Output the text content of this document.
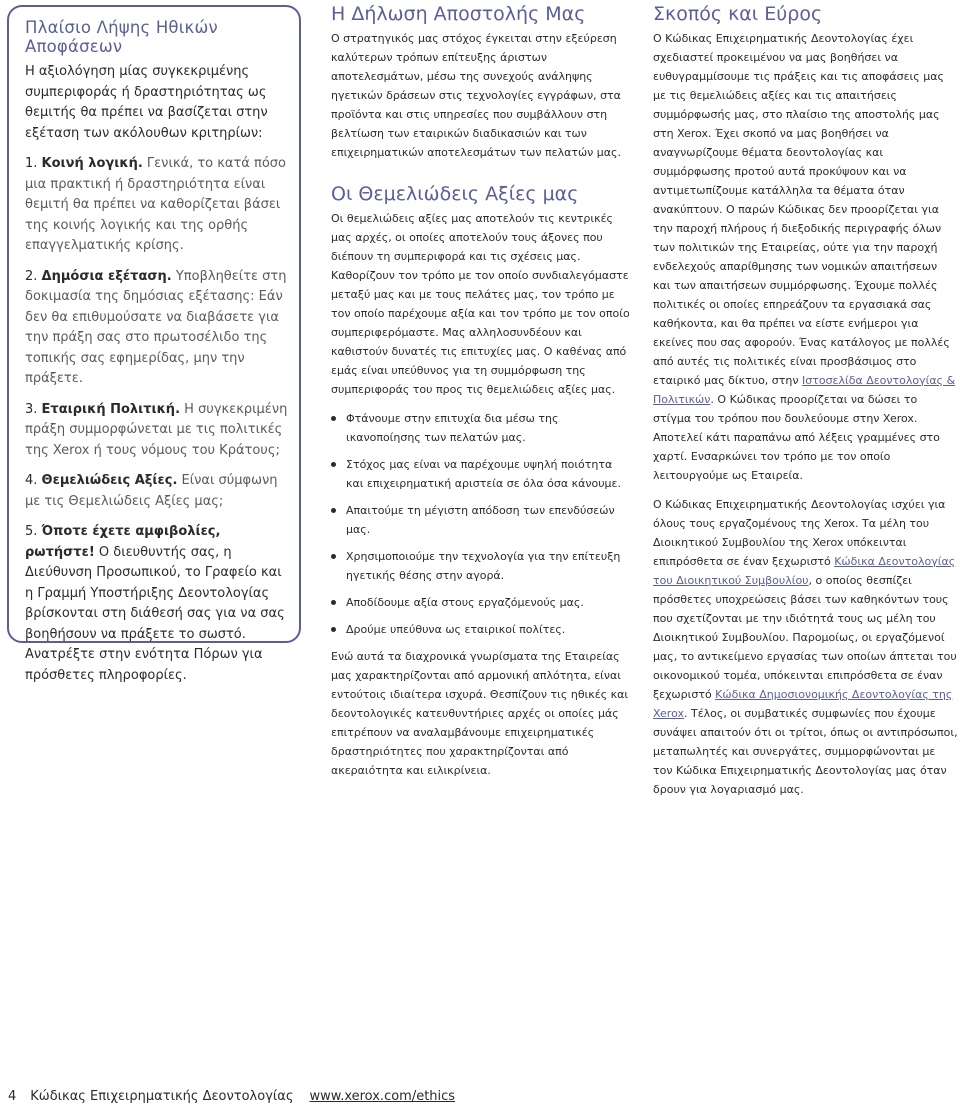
Πλαίσιο Λήψης Ηθικών Αποφάσεων

Η αξιολόγηση μίας συγκεκριμένης συμπεριφοράς ή δραστηριότητας ως θεμιτής θα πρέπει να βασίζεται στην εξέταση των ακόλουθων κριτηρίων:

1. Κοινή λογική. Γενικά, το κατά πόσο μια πρακτική ή δραστηριότητα είναι θεμιτή θα πρέπει να καθορίζεται βάσει της κοινής λογικής και της ορθής επαγγελματικής κρίσης.

2. Δημόσια εξέταση. Υποβληθείτε στη δοκιμασία της δημόσιας εξέτασης: Εάν δεν θα επιθυμούσατε να διαβάσετε για την πράξη σας στο πρωτοσέλιδο της τοπικής σας εφημερίδας, μην την πράξετε.

3. Εταιρική Πολιτική. Η συγκεκριμένη πράξη συμμορφώνεται με τις πολιτικές της Xerox ή τους νόμους του Κράτους;

4. Θεμελιώδεις Αξίες. Είναι σύμφωνη με τις Θεμελιώδεις Αξίες μας;

5. Όποτε έχετε αμφιβολίες, ρωτήστε! Ο διευθυντής σας, η Διεύθυνση Προσωπικού, το Γραφείο και η Γραμμή Υποστήριξης Δεοντολογίας βρίσκονται στη διάθεσή σας για να σας βοηθήσουν να πράξετε το σωστό. Ανατρέξτε στην ενότητα Πόρων για πρόσθετες πληροφορίες.

Η Δήλωση Αποστολής Μας

Ο στρατηγικός μας στόχος έγκειται στην εξεύρεση καλύτερων τρόπων επίτευξης άριστων αποτελεσμάτων, μέσω της συνεχούς ανάληψης ηγετικών δράσεων στις τεχνολογίες εγγράφων, στα προϊόντα και στις υπηρεσίες που συμβάλλουν στη βελτίωση των εταιρικών διαδικασιών και των επιχειρηματικών αποτελεσμάτων των πελατών μας.

Οι Θεμελιώδεις Αξίες μας

Οι θεμελιώδεις αξίες μας αποτελούν τις κεντρικές μας αρχές, οι οποίες αποτελούν τους άξονες που διέπουν τη συμπεριφορά και τις σχέσεις μας. Καθορίζουν τον τρόπο με τον οποίο συνδιαλεγόμαστε μεταξύ μας και με τους πελάτες μας, τον τρόπο με τον οποίο παρέχουμε αξία και τον τρόπο με τον οποίο συμπεριφερόμαστε. Μας αλληλοσυνδέουν και καθιστούν δυνατές τις επιτυχίες μας. Ο καθένας από εμάς είναι υπεύθυνος για τη συμμόρφωση της συμπεριφοράς του προς τις θεμελιώδεις αξίες μας.

Φτάνουμε στην επιτυχία δια μέσω της ικανοποίησης των πελατών μας.
Στόχος μας είναι να παρέχουμε υψηλή ποιότητα και επιχειρηματική αριστεία σε όλα όσα κάνουμε.
Απαιτούμε τη μέγιστη απόδοση των επενδύσεών μας.
Χρησιμοποιούμε την τεχνολογία για την επίτευξη ηγετικής θέσης στην αγορά.
Αποδίδουμε αξία στους εργαζόμενούς μας.
Δρούμε υπεύθυνα ως εταιρικοί πολίτες.

Ενώ αυτά τα διαχρονικά γνωρίσματα της Εταιρείας μας χαρακτηρίζονται από αρμονική απλότητα, είναι εντούτοις ιδιαίτερα ισχυρά. Θεσπίζουν τις ηθικές και δεοντολογικές κατευθυντήριες αρχές οι οποίες μάς επιτρέπουν να αναλαμβάνουμε επιχειρηματικές δραστηριότητες που χαρακτηρίζονται από ακεραιότητα και ειλικρίνεια.

Σκοπός και Εύρος

Ο Κώδικας Επιχειρηματικής Δεοντολογίας έχει σχεδιαστεί προκειμένου να μας βοηθήσει να ευθυγραμμίσουμε τις πράξεις και τις αποφάσεις μας με τις θεμελιώδεις αξίες και τις απαιτήσεις συμμόρφωσής μας, στο πλαίσιο της αποστολής μας στη Xerox. Έχει σκοπό να μας βοηθήσει να αναγνωρίζουμε θέματα δεοντολογίας και συμμόρφωσης προτού αυτά προκύψουν και να αντιμετωπίζουμε κατάλληλα τα θέματα όταν ανακύπτουν. Ο παρών Κώδικας δεν προορίζεται για την παροχή πλήρους ή διεξοδικής περιγραφής όλων των πολιτικών της Εταιρείας, ούτε για την παροχή ενδελεχούς απαρίθμησης των νομικών απαιτήσεων και των απαιτήσεων συμμόρφωσης. Έχουμε πολλές πολιτικές οι οποίες επηρεάζουν τα εργασιακά σας καθήκοντα, και θα πρέπει να είστε ενήμεροι για εκείνες που σας αφορούν. Ένας κατάλογος με πολλές από αυτές τις πολιτικές είναι προσβάσιμος στο εταιρικό μας δίκτυο, στην Ιστοσελίδα Δεοντολογίας & Πολιτικών. Ο Κώδικας προορίζεται να δώσει το στίγμα του τρόπου που δουλεύουμε στην Xerox. Αποτελεί κάτι παραπάνω από λέξεις γραμμένες στο χαρτί. Ενσαρκώνει τον τρόπο με τον οποίο λειτουργούμε ως Εταιρεία.

Ο Κώδικας Επιχειρηματικής Δεοντολογίας ισχύει για όλους τους εργαζομένους της Xerox. Τα μέλη του Διοικητικού Συμβουλίου της Xerox υπόκεινται επιπρόσθετα σε έναν ξεχωριστό Κώδικα Δεοντολογίας του Διοικητικού Συμβουλίου, ο οποίος θεσπίζει πρόσθετες υποχρεώσεις βάσει των καθηκόντων τους που σχετίζονται με την ιδιότητά τους ως μέλη του Διοικητικού Συμβουλίου. Παρομοίως, οι εργαζόμενοί μας, το αντικείμενο εργασίας των οποίων άπτεται του οικονομικού τομέα, υπόκεινται επιπρόσθετα σε έναν ξεχωριστό Κώδικα Δημοσιονομικής Δεοντολογίας της Xerox. Τέλος, οι συμβατικές συμφωνίες που έχουμε συνάψει απαιτούν ότι οι τρίτοι, όπως οι αντιπρόσωποι, μεταπωλητές και συνεργάτες, συμμορφώνονται με τον Κώδικα Επιχειρηματικής Δεοντολογίας μας όταν δρουν για λογαριασμό μας.

4 Κώδικας Επιχειρηματικής Δεοντολογίας www.xerox.com/ethics
